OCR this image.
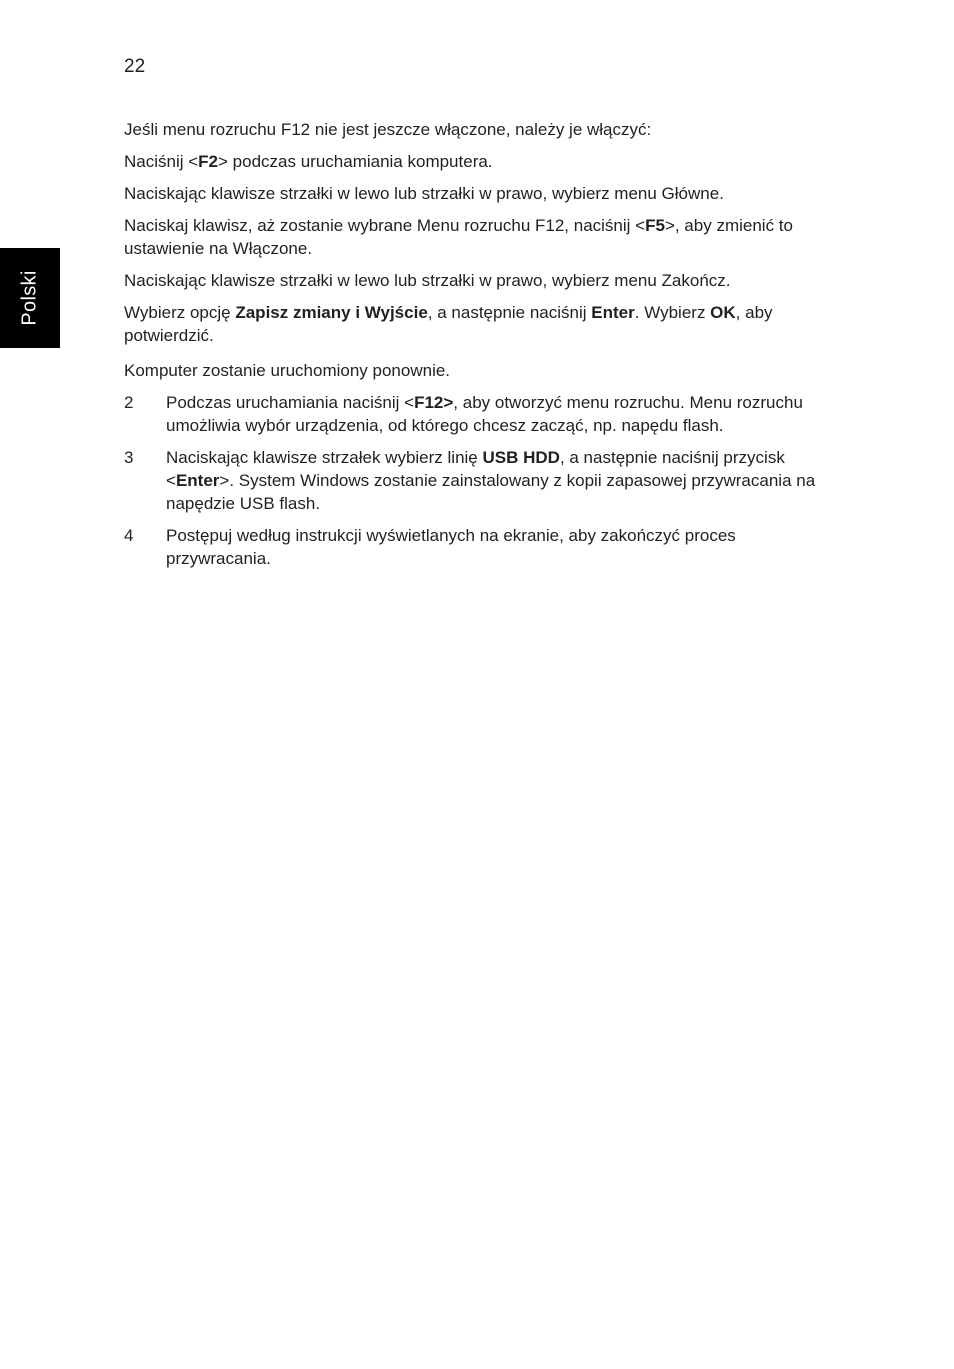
22
Polski

Jeśli menu rozruchu F12 nie jest jeszcze włączone, należy je włączyć:

Naciśnij <F2> podczas uruchamiania komputera.

Naciskając klawisze strzałki w lewo lub strzałki w prawo, wybierz menu Główne.

Naciskaj klawisz, aż zostanie wybrane Menu rozruchu F12, naciśnij <F5>, aby zmienić to ustawienie na Włączone.

Naciskając klawisze strzałki w lewo lub strzałki w prawo, wybierz menu Zakończ.

Wybierz opcję Zapisz zmiany i Wyjście, a następnie naciśnij Enter. Wybierz OK, aby potwierdzić.

Komputer zostanie uruchomiony ponownie.

2	Podczas uruchamiania naciśnij <F12>, aby otworzyć menu rozruchu. Menu rozruchu umożliwia wybór urządzenia, od którego chcesz zacząć, np. napędu flash.
3	Naciskając klawisze strzałek wybierz linię USB HDD, a następnie naciśnij przycisk <Enter>. System Windows zostanie zainstalowany z kopii zapasowej przywracania na napędzie USB flash.
4	Postępuj według instrukcji wyświetlanych na ekranie, aby zakończyć proces przywracania.
